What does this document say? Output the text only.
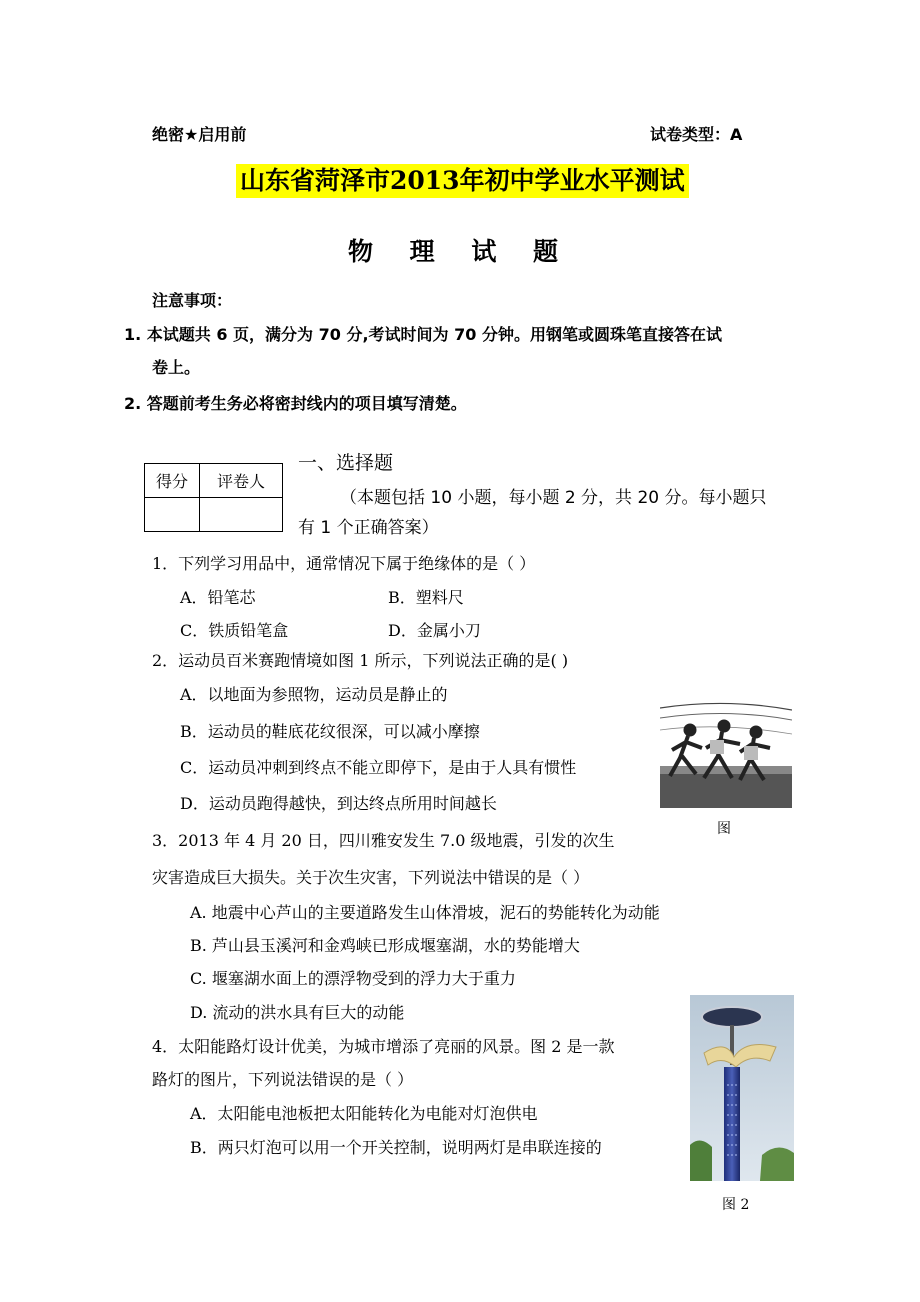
绝密★启用前	试卷类型：A
山东省菏泽市2013年初中学业水平测试
物 理 试 题
注意事项：
1. 本试题共 6 页，满分为 70 分,考试时间为 70 分钟。用钢笔或圆珠笔直接答在试
卷上。
2. 答题前考生务必将密封线内的项目填写清楚。
得分	评卷人

一、选择题
（本题包括 10 小题，每小题 2 分，共 20 分。每小题只
有 1 个正确答案）
1．下列学习用品中，通常情况下属于绝缘体的是（ ）
A．铅笔芯	B．塑料尺
C．铁质铅笔盒	D．金属小刀
2．运动员百米赛跑情境如图 1 所示，下列说法正确的是( )
A．以地面为参照物，运动员是静止的
B．运动员的鞋底花纹很深，可以减小摩擦
C．运动员冲刺到终点不能立即停下，是由于人具有惯性
D．运动员跑得越快，到达终点所用时间越长
图
3．2013 年 4 月 20 日，四川雅安发生 7.0 级地震，引发的次生
灾害造成巨大损失。关于次生灾害，下列说法中错误的是（ ）
A. 地震中心芦山的主要道路发生山体滑坡，泥石的势能转化为动能
B. 芦山县玉溪河和金鸡峡已形成堰塞湖，水的势能增大
C. 堰塞湖水面上的漂浮物受到的浮力大于重力
D. 流动的洪水具有巨大的动能
4．太阳能路灯设计优美，为城市增添了亮丽的风景。图 2 是一款
路灯的图片，下列说法错误的是（ ）
A．太阳能电池板把太阳能转化为电能对灯泡供电
B．两只灯泡可以用一个开关控制，说明两灯是串联连接的
图 2
